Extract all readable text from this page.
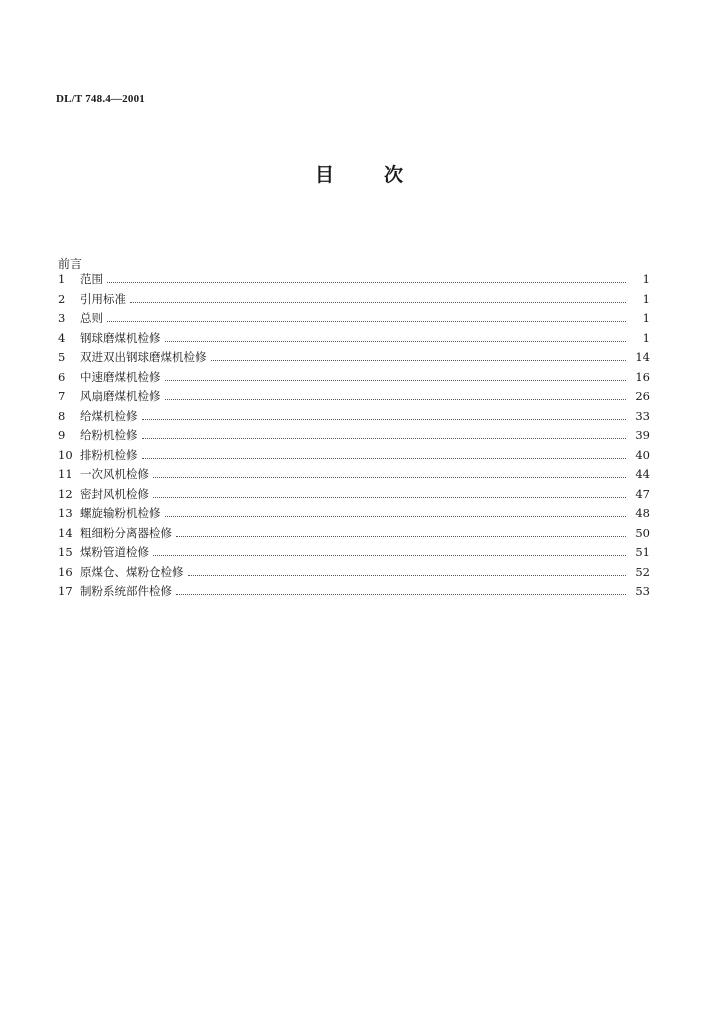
DL/T 748.4—2001
目	次
前言
1	范围	1
2	引用标准	1
3	总则	1
4	钢球磨煤机检修	1
5	双进双出钢球磨煤机检修	14
6	中速磨煤机检修	16
7	风扇磨煤机检修	26
8	给煤机检修	33
9	给粉机检修	39
10 排粉机检修	40
11 一次风机检修	44
12 密封风机检修	47
13 螺旋输粉机检修	48
14 粗细粉分离器检修	50
15 煤粉管道检修	51
16 原煤仓、煤粉仓检修	52
17 制粉系统部件检修	53
